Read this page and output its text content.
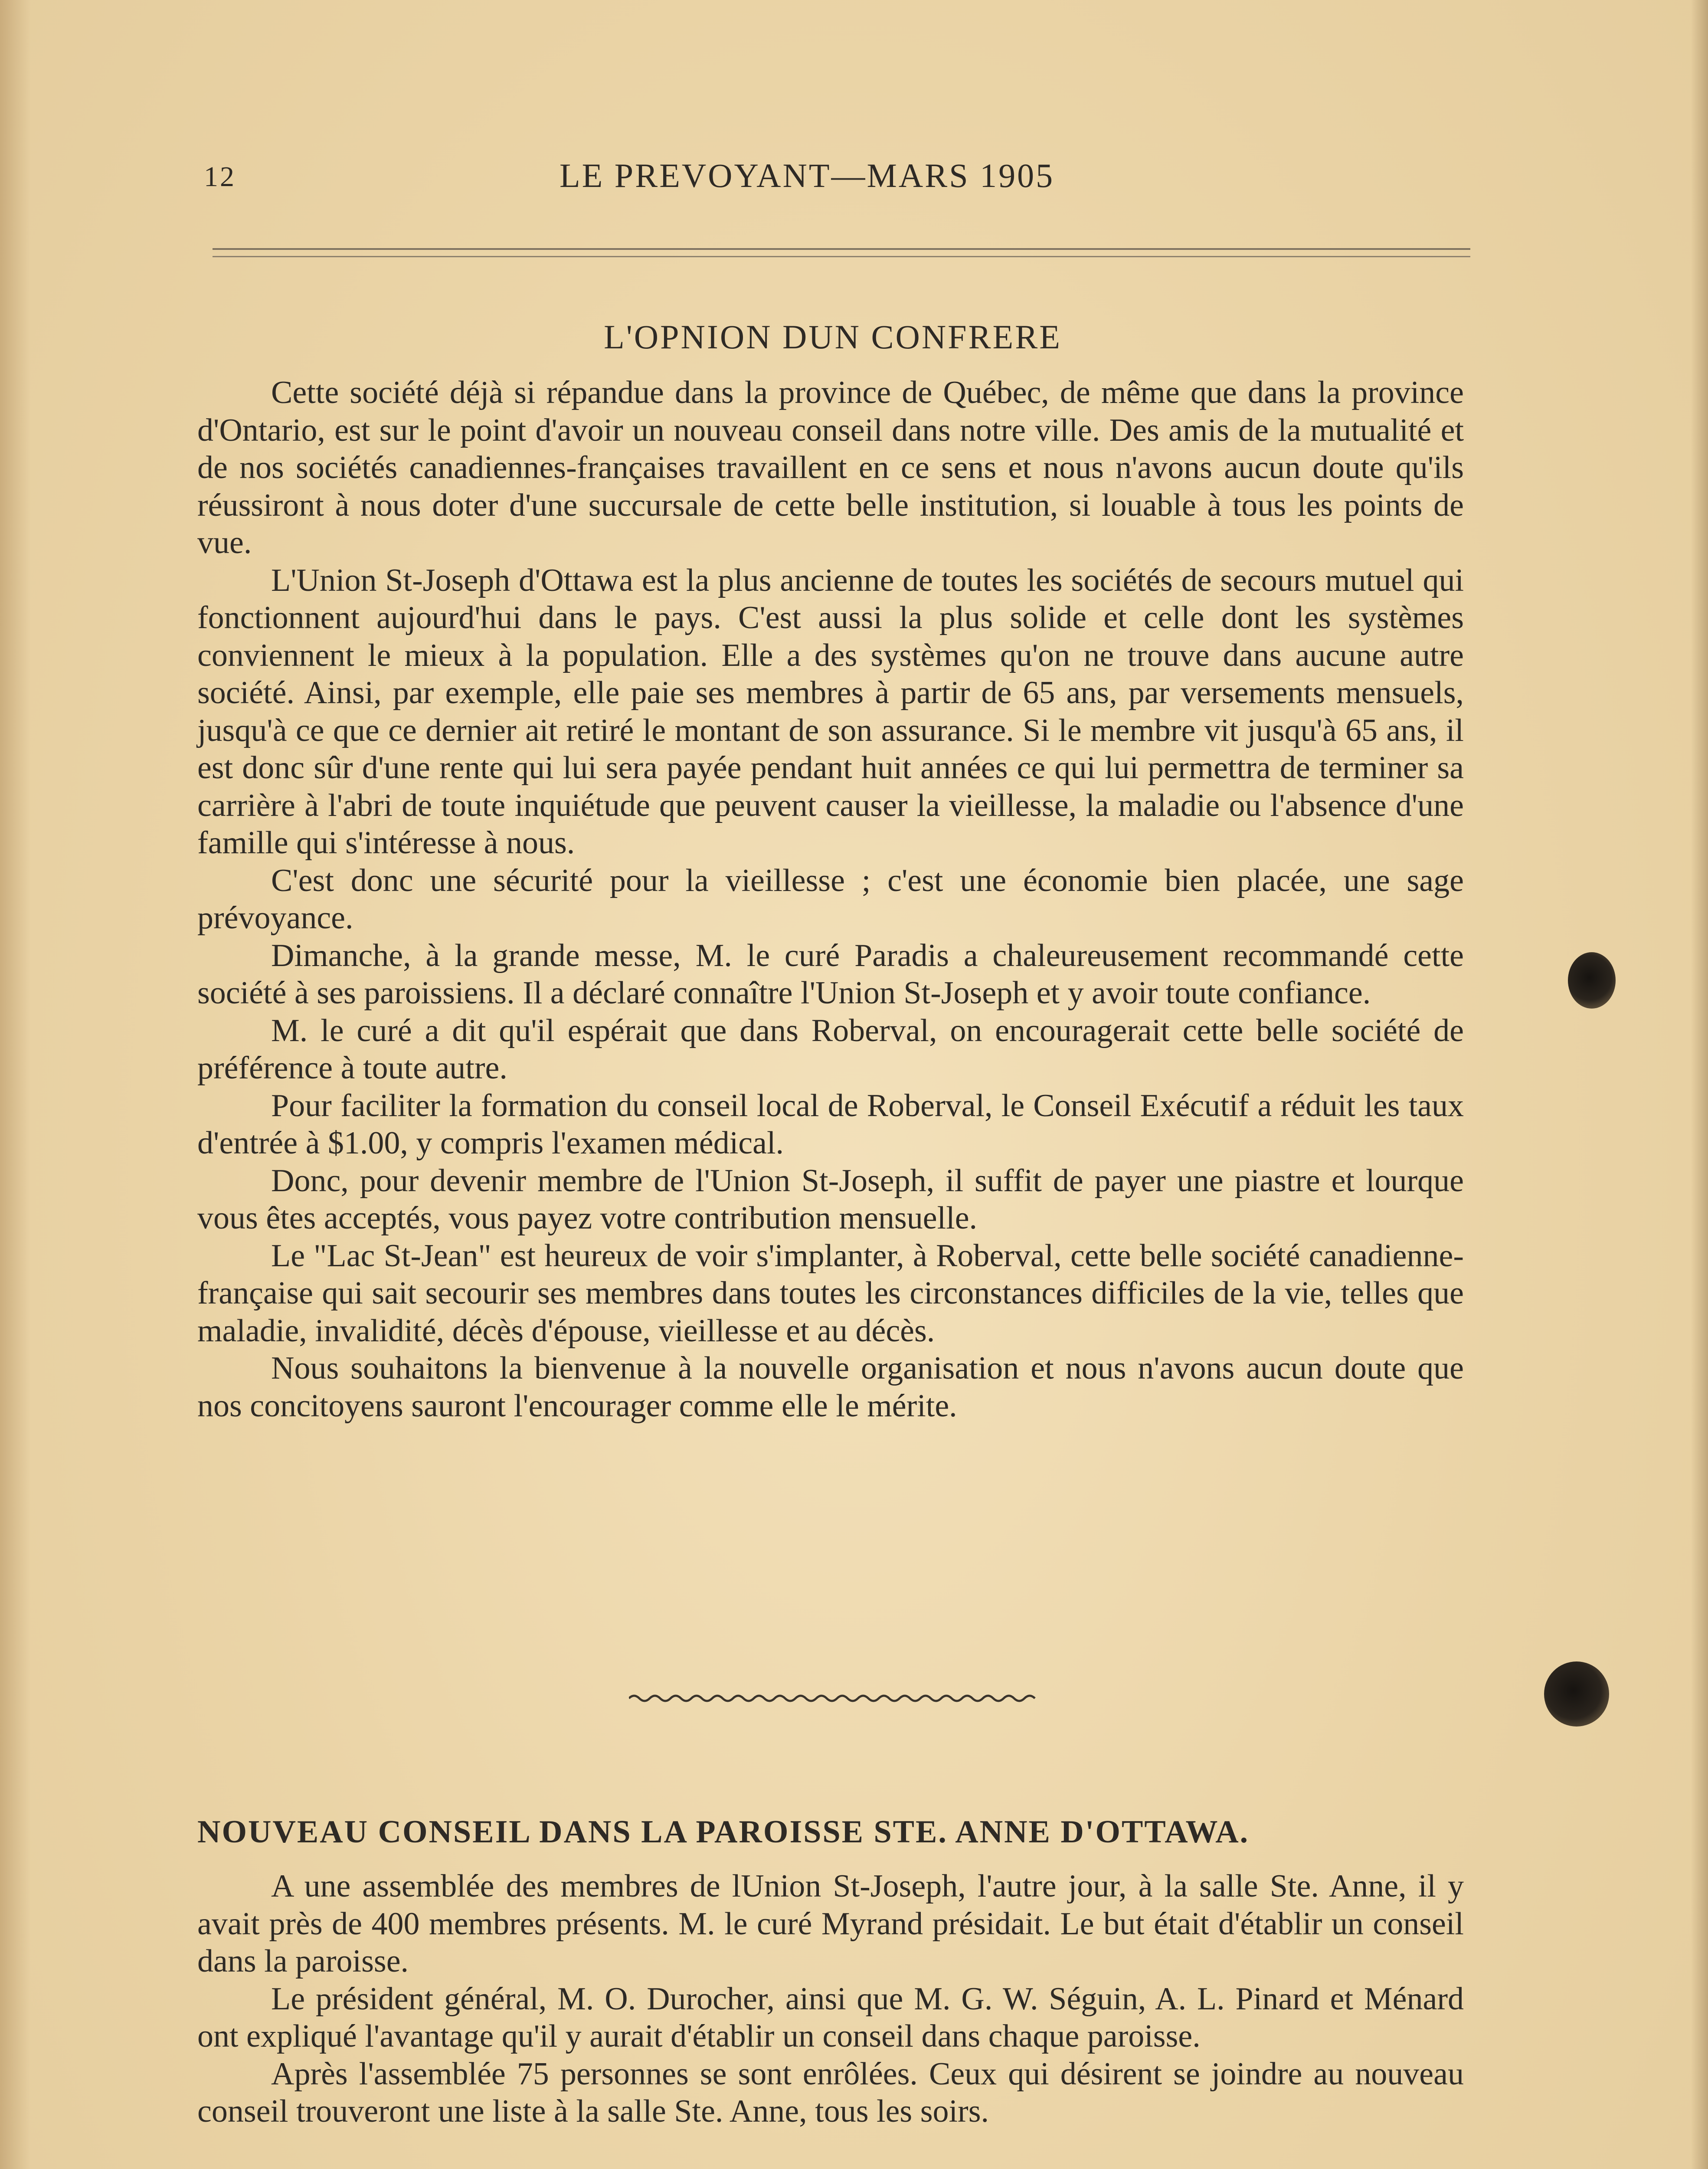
12	LE PREVOYANT—MARS 1905
L'OPNION DUN CONFRERE

Cette société déjà si répandue dans la province de Québec, de même que dans la province d'Ontario, est sur le point d'avoir un nouveau conseil dans notre ville. Des amis de la mutualité et de nos sociétés canadiennes-françaises travaillent en ce sens et nous n'avons aucun doute qu'ils réussiront à nous doter d'une succursale de cette belle institution, si louable à tous les points de vue.

L'Union St-Joseph d'Ottawa est la plus ancienne de toutes les sociétés de secours mutuel qui fonctionnent aujourd'hui dans le pays. C'est aussi la plus solide et celle dont les systèmes conviennent le mieux à la population. Elle a des systèmes qu'on ne trouve dans aucune autre société. Ainsi, par exemple, elle paie ses membres à partir de 65 ans, par versements mensuels, jusqu'à ce que ce dernier ait retiré le montant de son assurance. Si le membre vit jusqu'à 65 ans, il est donc sûr d'une rente qui lui sera payée pendant huit années ce qui lui permettra de terminer sa carrière à l'abri de toute inquiétude que peuvent causer la vieillesse, la maladie ou l'absence d'une famille qui s'intéresse à nous.

C'est donc une sécurité pour la vieillesse ; c'est une économie bien placée, une sage prévoyance.

Dimanche, à la grande messe, M. le curé Paradis a chaleureusement recommandé cette société à ses paroissiens. Il a déclaré connaître l'Union St-Joseph et y avoir toute confiance.

M. le curé a dit qu'il espérait que dans Roberval, on encouragerait cette belle société de préférence à toute autre.

Pour faciliter la formation du conseil local de Roberval, le Conseil Exécutif a réduit les taux d'entrée à $1.00, y compris l'examen médical.

Donc, pour devenir membre de l'Union St-Joseph, il suffit de payer une piastre et lourque vous êtes acceptés, vous payez votre contribution mensuelle.

Le "Lac St-Jean" est heureux de voir s'implanter, à Roberval, cette belle société canadienne-française qui sait secourir ses membres dans toutes les circonstances difficiles de la vie, telles que maladie, invalidité, décès d'épouse, vieillesse et au décès.

Nous souhaitons la bienvenue à la nouvelle organisation et nous n'avons aucun doute que nos concitoyens sauront l'encourager comme elle le mérite.

NOUVEAU CONSEIL DANS LA PAROISSE STE. ANNE D'OTTAWA.

A une assemblée des membres de lUnion St-Joseph, l'autre jour, à la salle Ste. Anne, il y avait près de 400 membres présents. M. le curé Myrand présidait. Le but était d'établir un conseil dans la paroisse.

Le président général, M. O. Durocher, ainsi que M. G. W. Séguin, A. L. Pinard et Ménard ont expliqué l'avantage qu'il y aurait d'établir un conseil dans chaque paroisse.

Après l'assemblée 75 personnes se sont enrôlées. Ceux qui désirent se joindre au nouveau conseil trouveront une liste à la salle Ste. Anne, tous les soirs.
